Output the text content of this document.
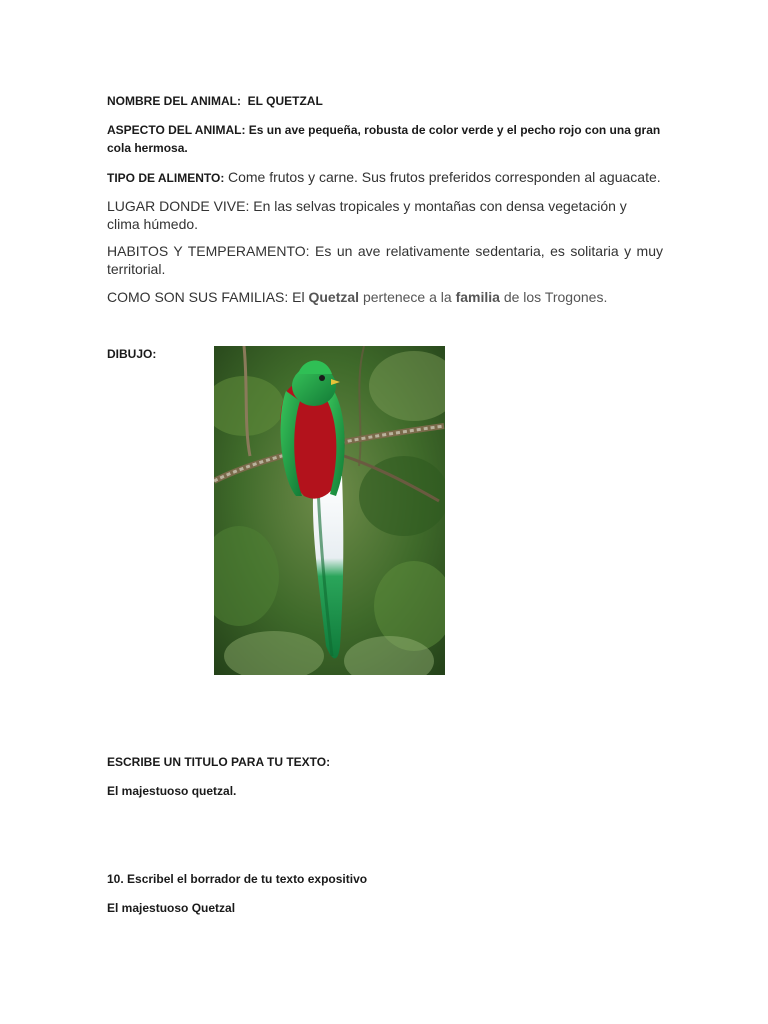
NOMBRE DEL ANIMAL: EL QUETZAL
ASPECTO DEL ANIMAL: Es un ave pequeña, robusta de color verde y el pecho rojo con una gran cola hermosa.
TIPO DE ALIMENTO: Come frutos y carne. Sus frutos preferidos corresponden al aguacate.
LUGAR DONDE VIVE: En las selvas tropicales y montañas con densa vegetación y clima húmedo.
HABITOS Y TEMPERAMENTO: Es un ave relativamente sedentaria, es solitaria y muy territorial.
COMO SON SUS FAMILIAS: El Quetzal pertenece a la familia de los Trogones.
DIBUJO:
ESCRIBE UN TITULO PARA TU TEXTO:
El majestuoso quetzal.
10. Escribel el borrador de tu texto expositivo
El majestuoso Quetzal
